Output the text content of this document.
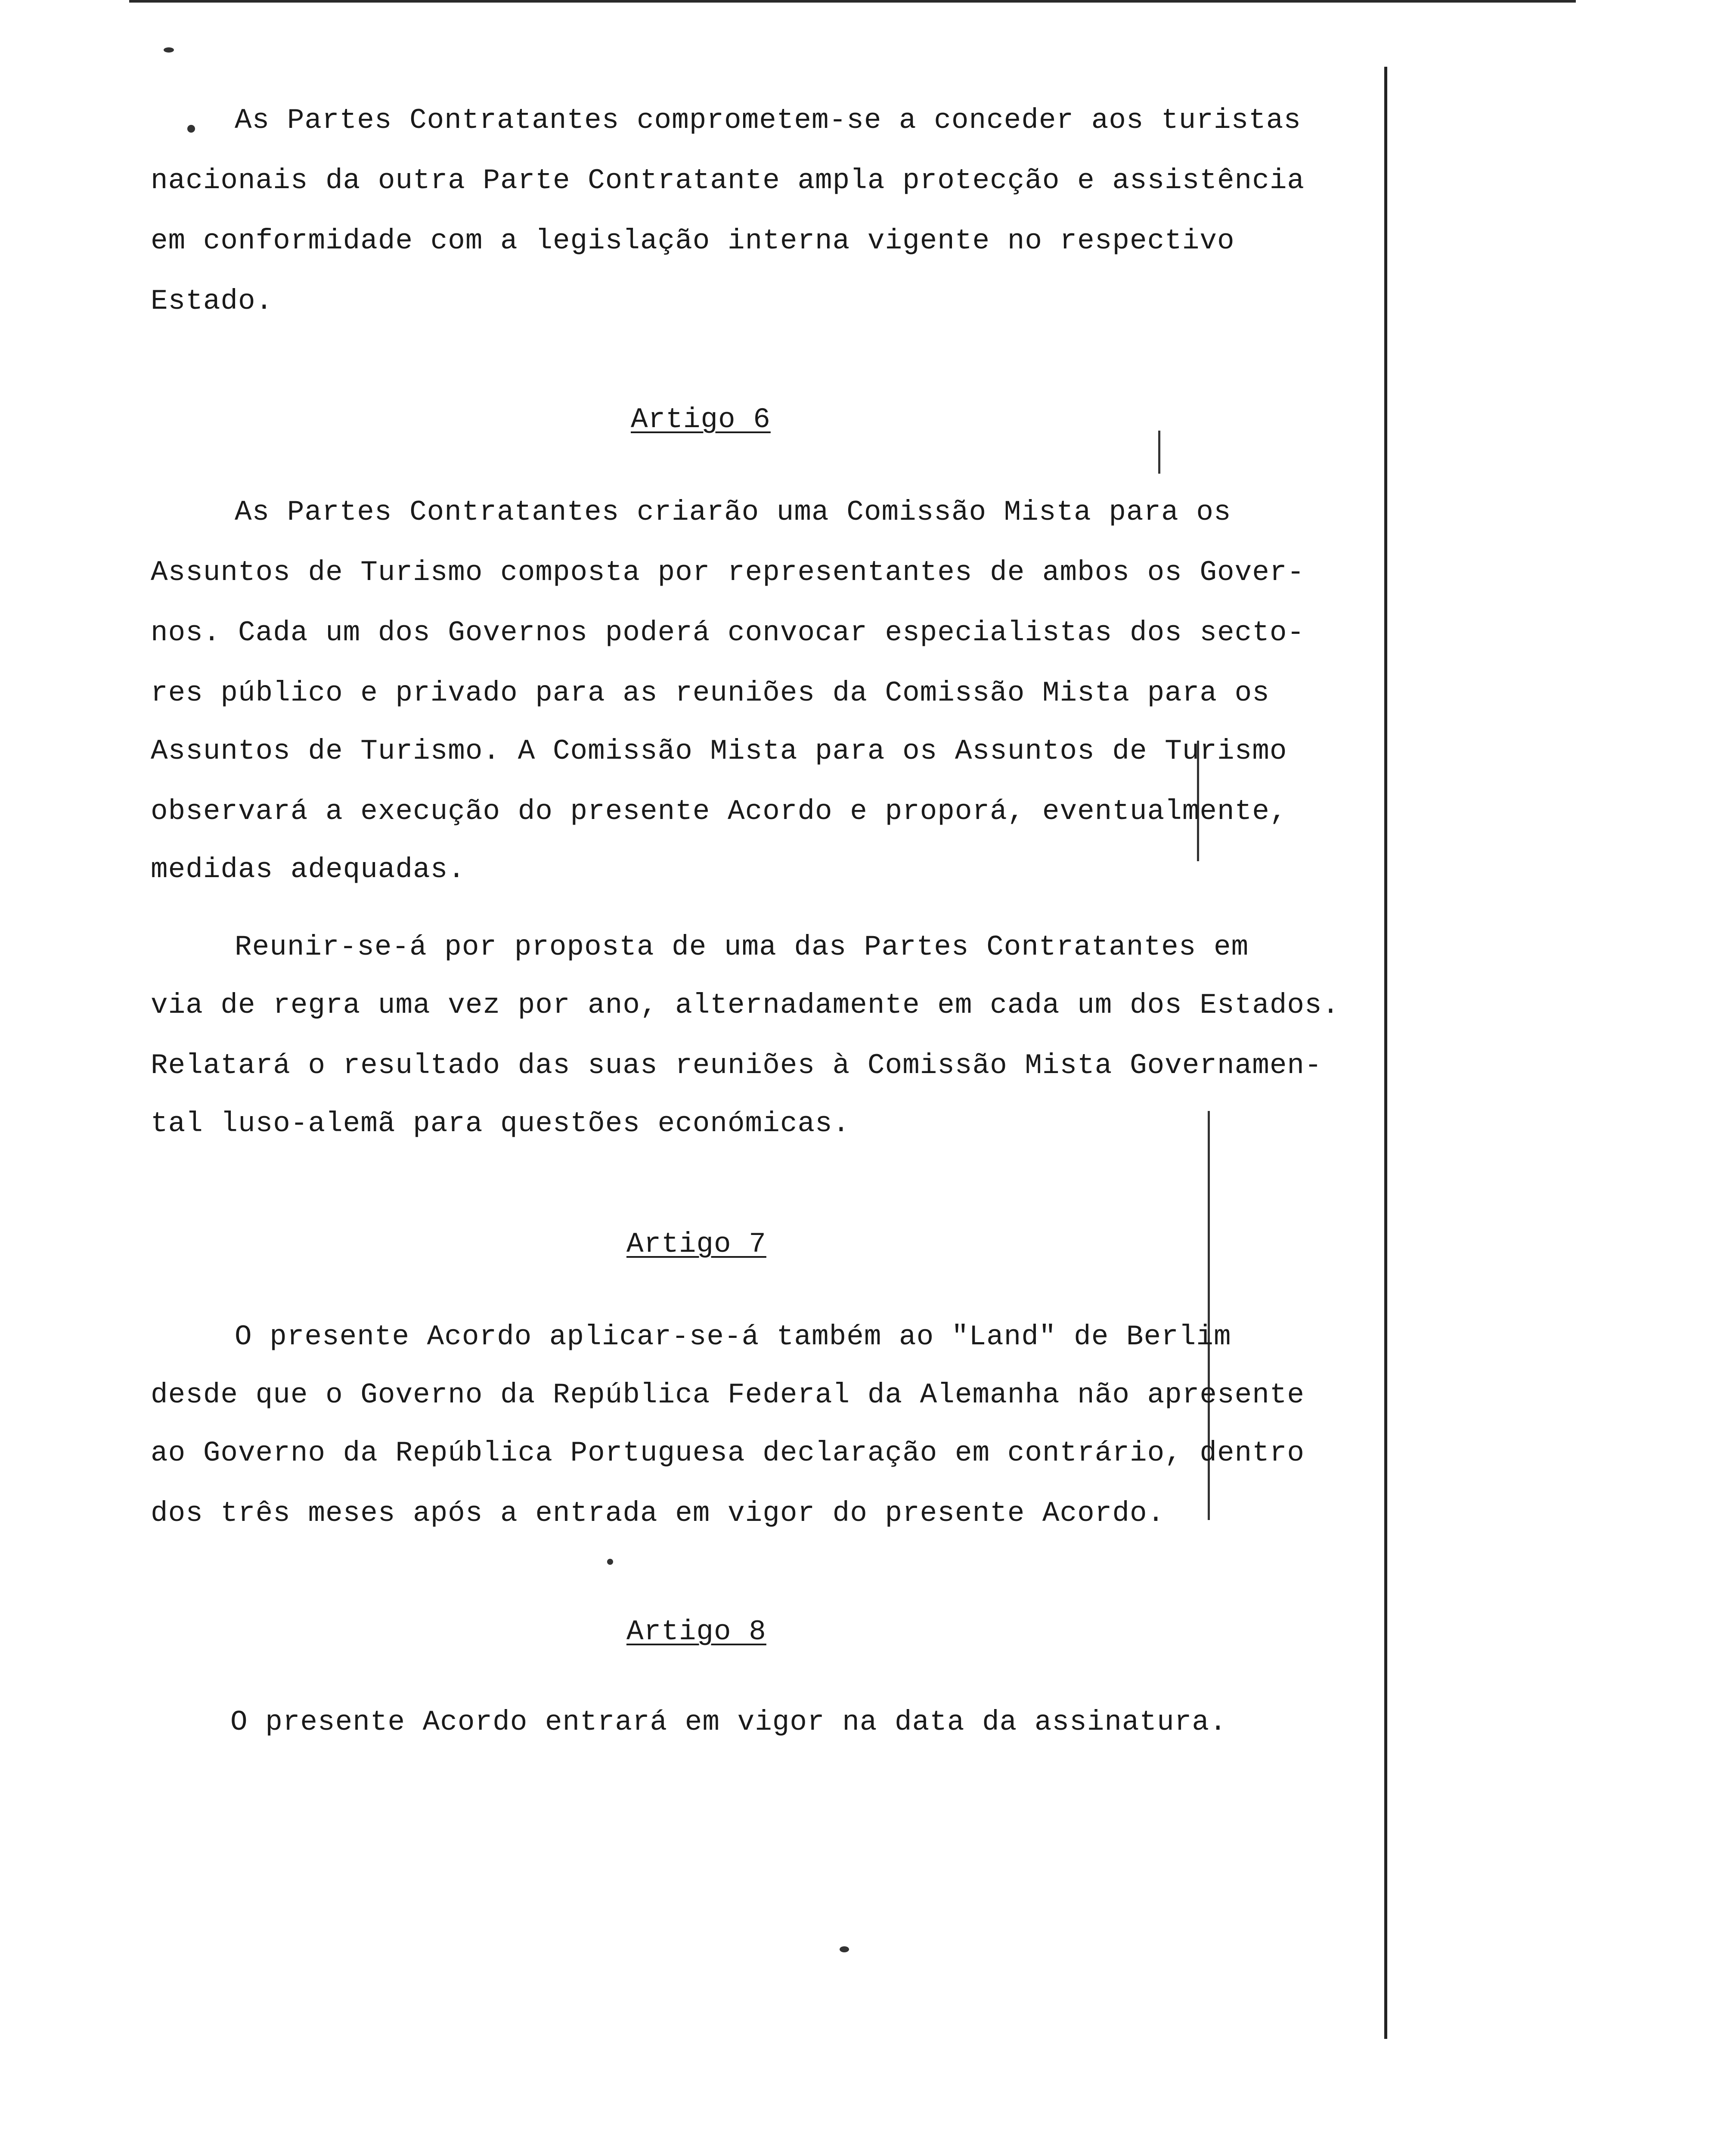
As Partes Contratantes comprometem-se a conceder aos turistas
nacionais da outra Parte Contratante ampla protecção e assistência
em conformidade com a legislação interna vigente no respectivo
Estado.
Artigo 6
As Partes Contratantes criarão uma Comissão Mista para os
Assuntos de Turismo composta por representantes de ambos os Gover-
nos. Cada um dos Governos poderá convocar especialistas dos secto-
res público e privado para as reuniões da Comissão Mista para os
Assuntos de Turismo. A Comissão Mista para os Assuntos de Turismo
observará a execução do presente Acordo e proporá, eventualmente,
medidas adequadas.
Reunir-se-á por proposta de uma das Partes Contratantes em
via de regra uma vez por ano, alternadamente em cada um dos Estados.
Relatará o resultado das suas reuniões à Comissão Mista Governamen-
tal luso-alemã para questões económicas.
Artigo 7
O presente Acordo aplicar-se-á também ao "Land" de Berlim
desde que o Governo da República Federal da Alemanha não apresente
ao Governo da República Portuguesa declaração em contrário, dentro
dos três meses após a entrada em vigor do presente Acordo.
Artigo 8
O presente Acordo entrará em vigor na data da assinatura.
